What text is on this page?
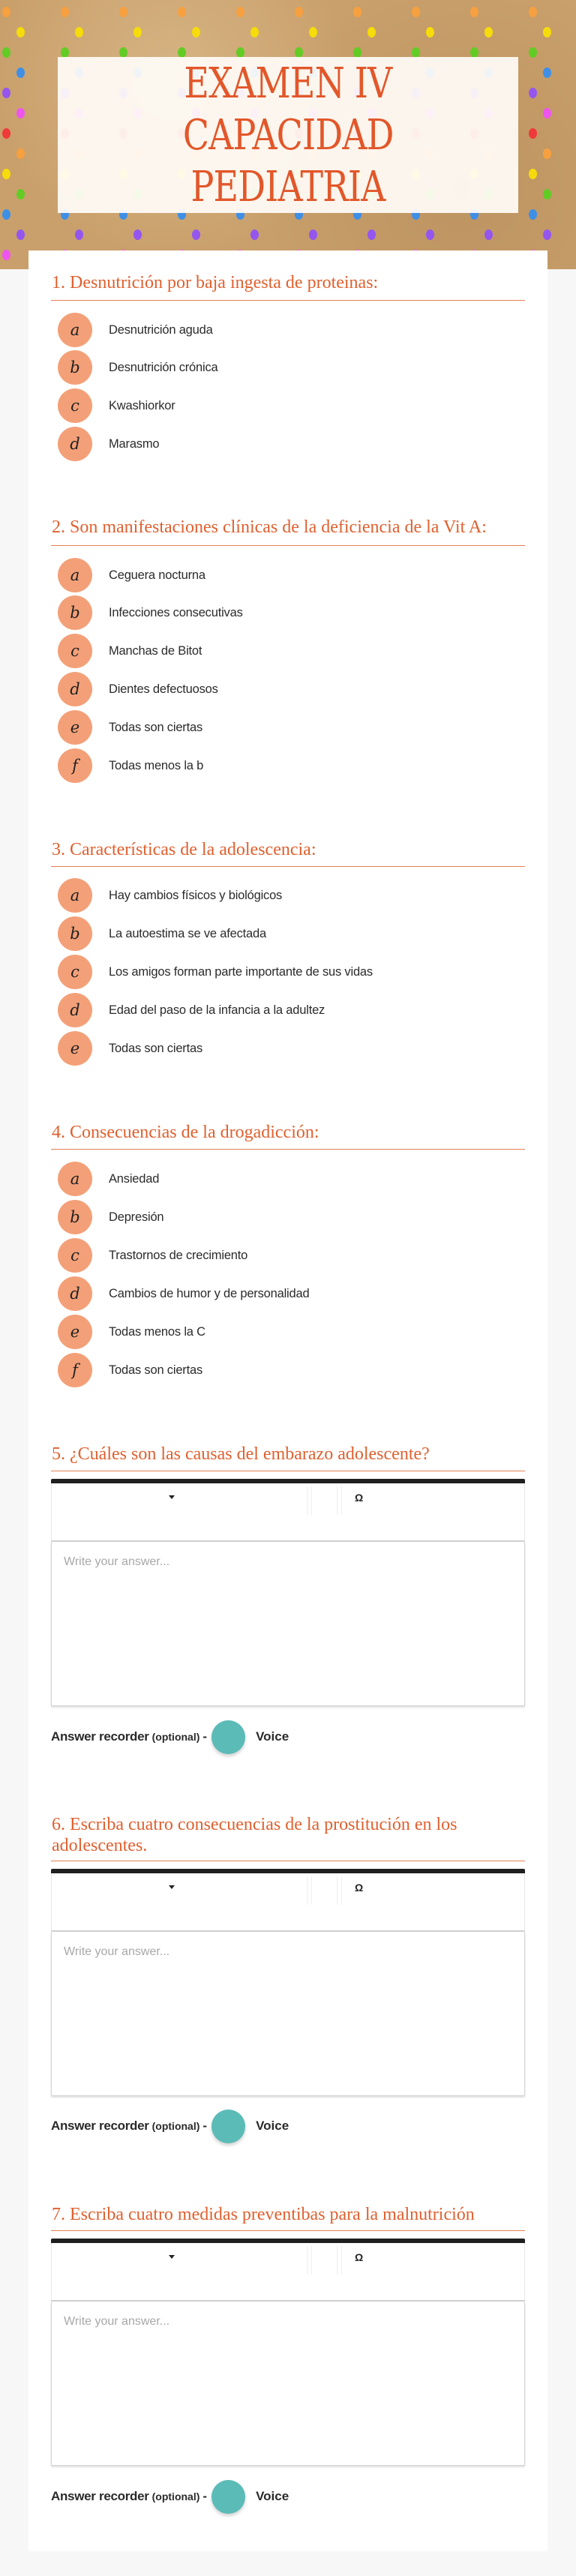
EXAMEN IV
CAPACIDAD
PEDIATRIA
1. Desnutrición por baja ingesta de proteinas:
a	Desnutrición aguda
b	Desnutrición crónica
c	Kwashiorkor
d	Marasmo
2. Son manifestaciones clínicas de la deficiencia de la Vit A:
a	Ceguera nocturna
b	Infecciones consecutivas
c	Manchas de Bitot
d	Dientes defectuosos
e	Todas son ciertas
f	Todas menos la b
3. Características de la adolescencia:
a	Hay cambios físicos y biológicos
b	La autoestima se ve afectada
c	Los amigos forman parte importante de sus vidas
d	Edad del paso de la infancia a la adultez
e	Todas son ciertas
4. Consecuencias de la drogadicción:
a	Ansiedad
b	Depresión
c	Trastornos de crecimiento
d	Cambios de humor y de personalidad
e	Todas menos la C
f	Todas son ciertas
5. ¿Cuáles son las causas del embarazo adolescente?
Ω
Write your answer...
Answer recorder (optional) -	Voice
6. Escriba cuatro consecuencias de la prostitución en los adolescentes.
Ω
Write your answer...
Answer recorder (optional) -	Voice
7. Escriba cuatro medidas preventibas para la malnutrición
Ω
Write your answer...
Answer recorder (optional) -	Voice
